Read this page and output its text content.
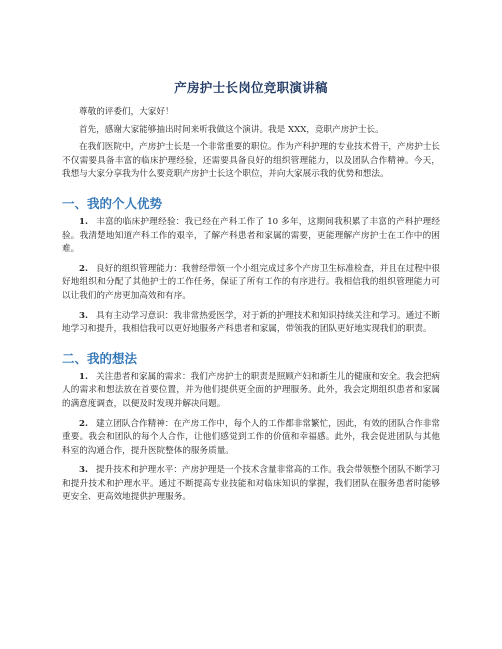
产房护士长岗位竞职演讲稿

尊敬的评委们，大家好！

首先，感谢大家能够抽出时间来听我做这个演讲。我是 XXX，竞职产房护士长。

在我们医院中，产房护士长是一个非常重要的职位。作为产科护理的专业技术骨干，产房护士长不仅需要具备丰富的临床护理经验，还需要具备良好的组织管理能力，以及团队合作精神。今天，我想与大家分享我为什么要竞职产房护士长这个职位，并向大家展示我的优势和想法。

一、我的个人优势

1. 丰富的临床护理经验：我已经在产科工作了 10 多年，这期间我积累了丰富的产科护理经验。我清楚地知道产科工作的艰辛，了解产科患者和家属的需要，更能理解产房护士在工作中的困难。

2. 良好的组织管理能力：我曾经带领一个小组完成过多个产房卫生标准检查，并且在过程中很好地组织和分配了其他护士的工作任务，保证了所有工作的有序进行。我相信我的组织管理能力可以让我们的产房更加高效和有序。

3. 具有主动学习意识：我非常热爱医学，对于新的护理技术和知识持续关注和学习。通过不断地学习和提升，我相信我可以更好地服务产科患者和家属，带领我的团队更好地实现我们的职责。

二、我的想法

1. 关注患者和家属的需求：我们产房护士的职责是照顾产妇和新生儿的健康和安全。我会把病人的需求和想法放在首要位置，并为他们提供更全面的护理服务。此外，我会定期组织患者和家属的满意度调查，以便及时发现并解决问题。

2. 建立团队合作精神：在产房工作中，每个人的工作都非常繁忙，因此，有效的团队合作非常重要。我会和团队的每个人合作，让他们感觉到工作的价值和幸福感。此外，我会促进团队与其他科室的沟通合作，提升医院整体的服务质量。

3. 提升技术和护理水平：产房护理是一个技术含量非常高的工作。我会带领整个团队不断学习和提升技术和护理水平。通过不断提高专业技能和对临床知识的掌握，我们团队在服务患者时能够更安全、更高效地提供护理服务。
